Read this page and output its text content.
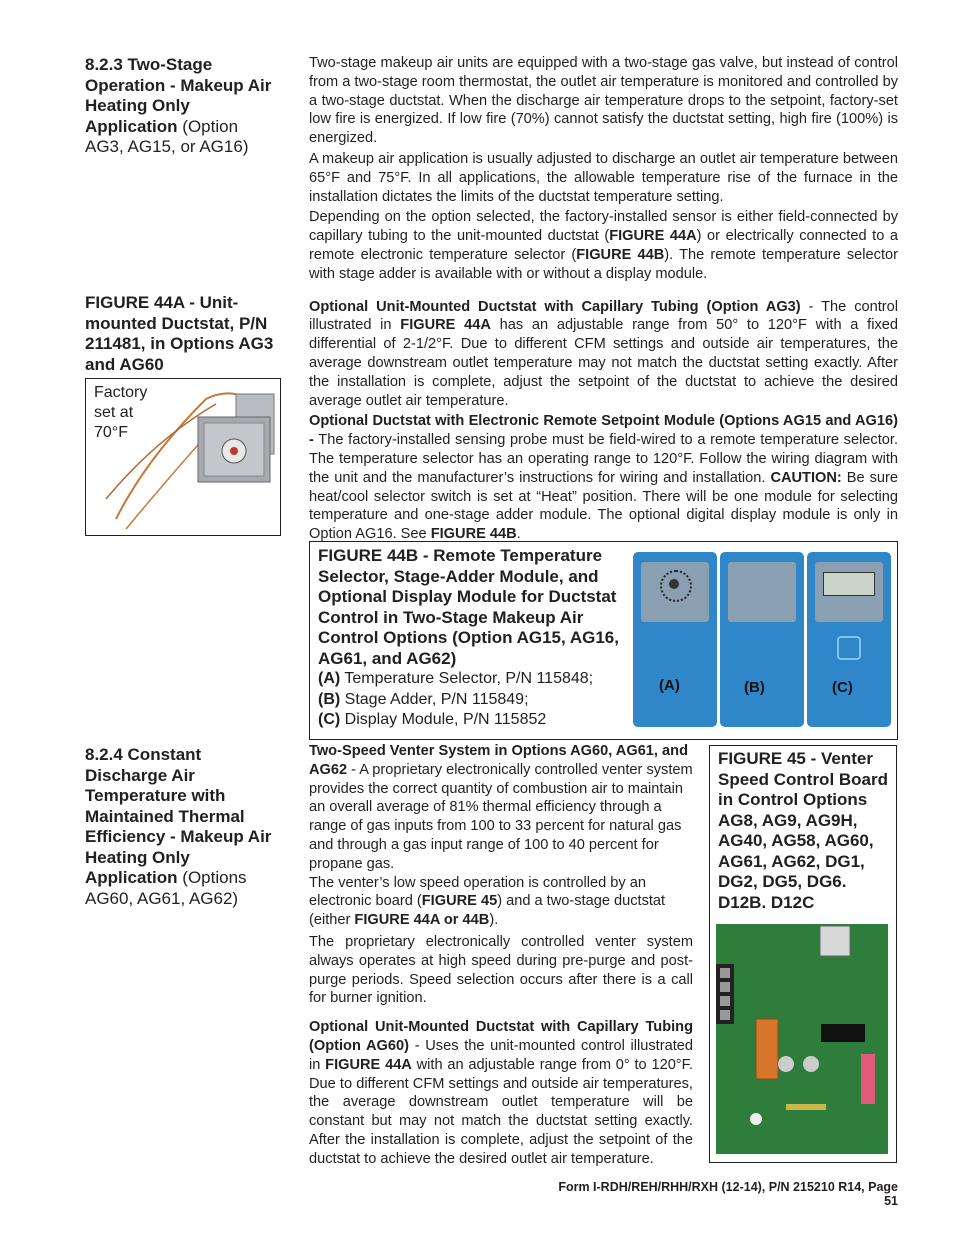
8.2.3 Two-Stage Operation - Makeup Air Heating Only Application (Option AG3, AG15, or AG16)

Two-stage makeup air units are equipped with a two-stage gas valve, but instead of control from a two-stage room thermostat, the outlet air temperature is monitored and controlled by a two-stage ductstat. When the discharge air temperature drops to the setpoint, factory-set low fire is energized. If low fire (70%) cannot satisfy the ductstat setting, high fire (100%) is energized.

A makeup air application is usually adjusted to discharge an outlet air temperature between 65°F and 75°F. In all applications, the allowable temperature rise of the furnace in the installation dictates the limits of the ductstat temperature setting.

Depending on the option selected, the factory-installed sensor is either field-connected by capillary tubing to the unit-mounted ductstat (FIGURE 44A) or electrically connected to a remote electronic temperature selector (FIGURE 44B). The remote temperature selector with stage adder is available with or without a display module.

Optional Unit-Mounted Ductstat with Capillary Tubing (Option AG3) - The control illustrated in FIGURE 44A has an adjustable range from 50° to 120°F with a fixed differential of 2-1/2°F. Due to different CFM settings and outside air temperatures, the average downstream outlet temperature may not match the ductstat setting exactly. After the installation is complete, adjust the setpoint of the ductstat to achieve the desired average outlet air temperature.

Optional Ductstat with Electronic Remote Setpoint Module (Options AG15 and AG16) - The factory-installed sensing probe must be field-wired to a remote temperature selector. The temperature selector has an operating range to 120°F. Follow the wiring diagram with the unit and the manufacturer’s instructions for wiring and installation. CAUTION: Be sure heat/cool selector switch is set at “Heat” position. There will be one module for selecting temperature and one-stage adder module. The optional digital display module is only in Option AG16. See FIGURE 44B.

FIGURE 44A - Unit-mounted Ductstat, P/N 211481, in Options AG3 and AG60
Factory set at 70°F
FIGURE 44B - Remote Temperature Selector, Stage-Adder Module, and Optional Display Module for Ductstat Control in Two-Stage Makeup Air Control Options (Option AG15, AG16, AG61, and AG62)
(A) Temperature Selector, P/N 115848;
(B) Stage Adder, P/N 115849;
(C) Display Module, P/N 115852
(A)	(B)	(C)
8.2.4 Constant Discharge Air Temperature with Maintained Thermal Efficiency - Makeup Air Heating Only Application (Options AG60, AG61, AG62)
Two-Speed Venter System in Options AG60, AG61, and AG62 - A proprietary electronically controlled venter system provides the correct quantity of combustion air to maintain an overall average of 81% thermal efficiency through a range of gas inputs from 100 to 33 percent for natural gas and through a gas input range of 100 to 40 percent for propane gas.
The venter’s low speed operation is controlled by an electronic board (FIGURE 45) and a two-stage ductstat (either FIGURE 44A or 44B).
The proprietary electronically controlled venter system always operates at high speed during pre-purge and post-purge periods. Speed selection occurs after there is a call for burner ignition.
Optional Unit-Mounted Ductstat with Capillary Tubing (Option AG60) - Uses the unit-mounted control illustrated in FIGURE 44A with an adjustable range from 0° to 120°F. Due to different CFM settings and outside air temperatures, the average downstream outlet temperature will be constant but may not match the ductstat setting exactly. After the installation is complete, adjust the setpoint of the ductstat to achieve the desired outlet air temperature.
FIGURE 45 - Venter Speed Control Board in Control Options AG8, AG9, AG9H, AG40, AG58, AG60, AG61, AG62, DG1, DG2, DG5, DG6. D12B. D12C
Form I-RDH/REH/RHH/RXH (12-14), P/N 215210 R14, Page 51
